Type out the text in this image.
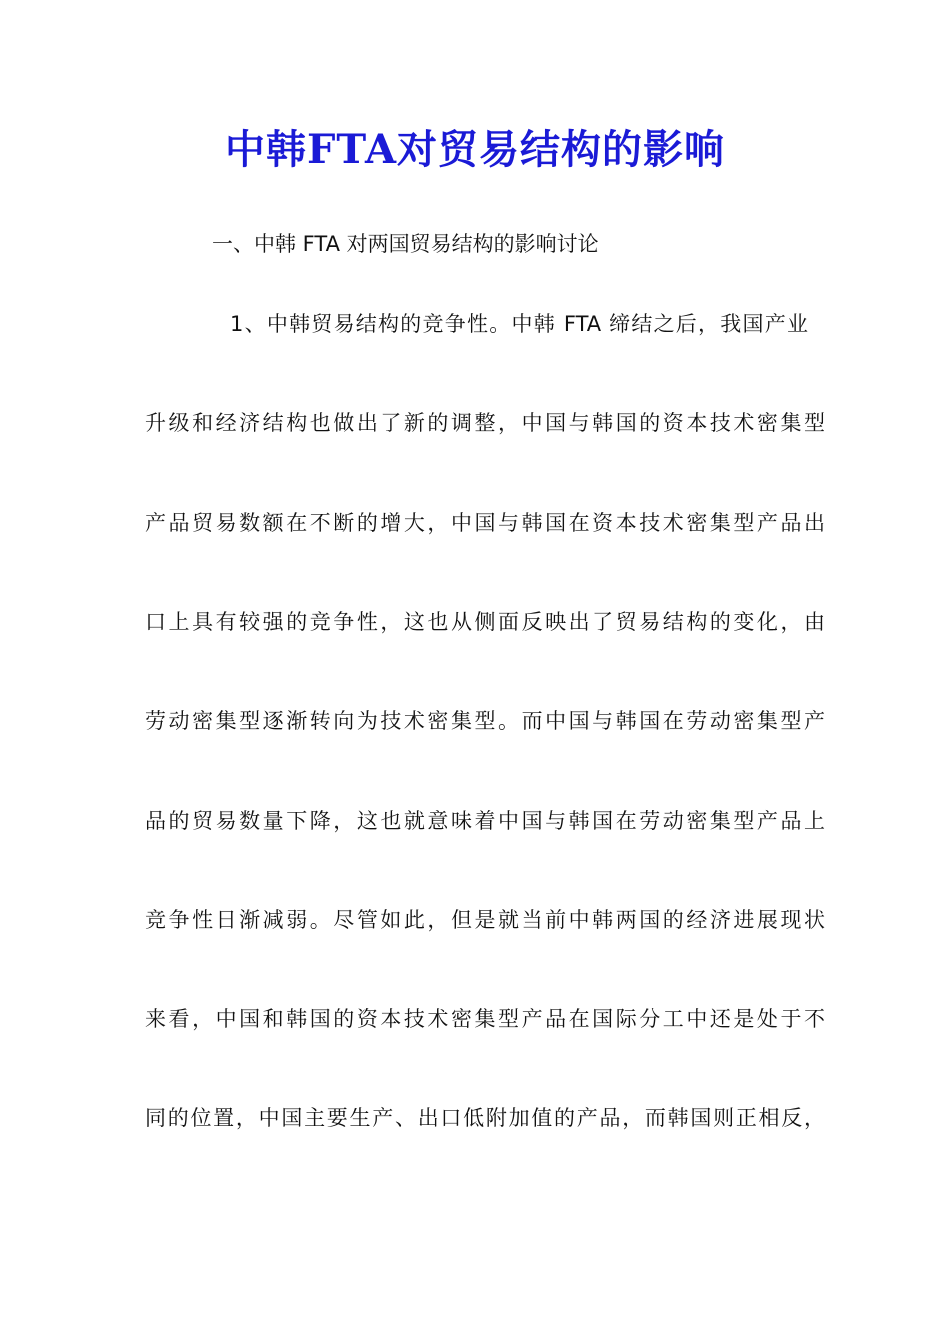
中韩FTA对贸易结构的影响
一、中韩 FTA 对两国贸易结构的影响讨论
1、中韩贸易结构的竞争性。中韩 FTA 缔结之后，我国产业
升级和经济结构也做出了新的调整，中国与韩国的资本技术密集型
产品贸易数额在不断的增大，中国与韩国在资本技术密集型产品出
口上具有较强的竞争性，这也从侧面反映出了贸易结构的变化，由
劳动密集型逐渐转向为技术密集型。而中国与韩国在劳动密集型产
品的贸易数量下降，这也就意味着中国与韩国在劳动密集型产品上
竞争性日渐减弱。尽管如此，但是就当前中韩两国的经济进展现状
来看，中国和韩国的资本技术密集型产品在国际分工中还是处于不
同的位置，中国主要生产、出口低附加值的产品，而韩国则正相反，
